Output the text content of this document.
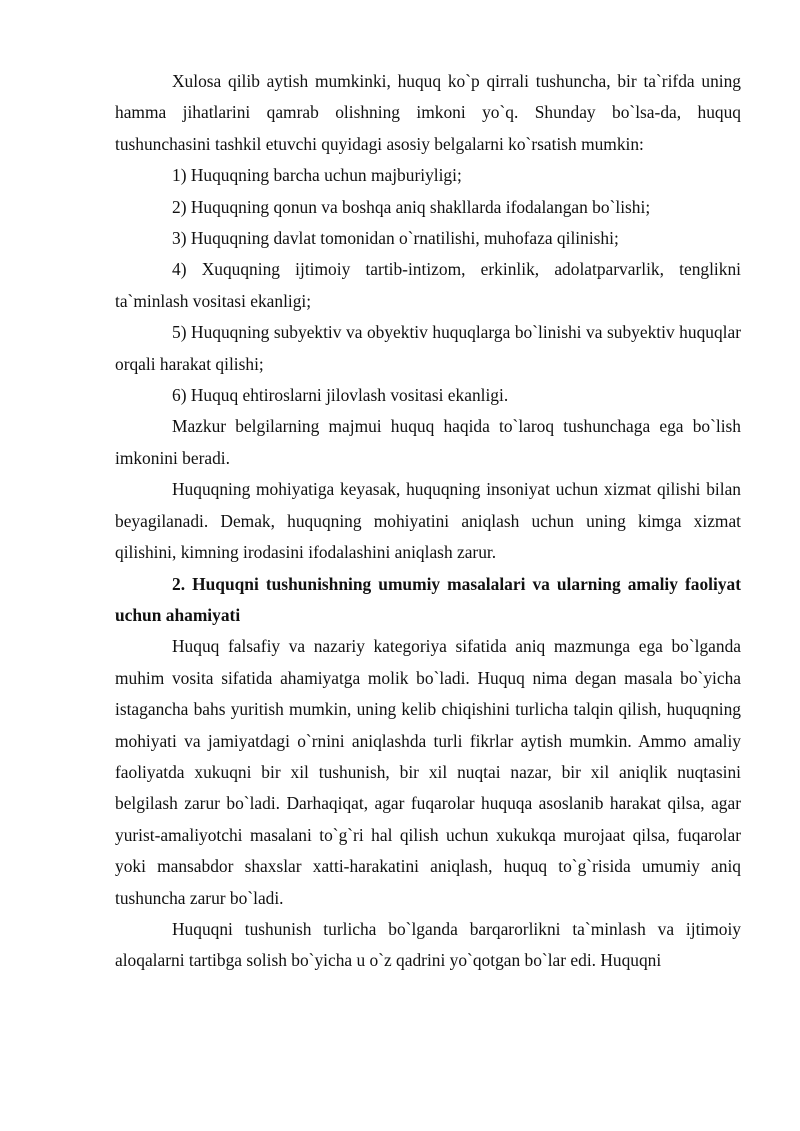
Xulosa qilib aytish mumkinki, huquq ko`p qirrali tushuncha, bir ta`rifda uning hamma jihatlarini qamrab olishning imkoni yo`q. Shunday bo`lsa-da, huquq tushunchasini tashkil etuvchi quyidagi asosiy belgalarni ko`rsatish mumkin:

1) Huquqning barcha uchun majburiyligi;

2) Huquqning qonun va boshqa aniq shakllarda ifodalangan bo`lishi;

3) Huquqning davlat tomonidan o`rnatilishi, muhofaza qilinishi;

4) Xuquqning ijtimoiy tartib-intizom, erkinlik, adolatparvarlik, tenglikni ta`minlash vositasi ekanligi;

5) Huquqning subyektiv va obyektiv huquqlarga bo`linishi va subyektiv huquqlar orqali harakat qilishi;

6) Huquq ehtiroslarni jilovlash vositasi ekanligi.

Mazkur belgilarning majmui huquq haqida to`laroq tushunchaga ega bo`lish imkonini beradi.

Huquqning mohiyatiga keyasak, huquqning insoniyat uchun xizmat qilishi bilan beyagilanadi. Demak, huquqning mohiyatini aniqlash uchun uning kimga xizmat qilishini, kimning irodasini ifodalashini aniqlash zarur.

2. Huquqni tushunishning umumiy masalalari va ularning amaliy faoliyat uchun ahamiyati

Huquq falsafiy va nazariy kategoriya sifatida aniq mazmunga ega bo`lganda muhim vosita sifatida ahamiyatga molik bo`ladi. Huquq nima degan masala bo`yicha istagancha bahs yuritish mumkin, uning kelib chiqishini turlicha talqin qilish, huquqning mohiyati va jamiyatdagi o`rnini aniqlashda turli fikrlar aytish mumkin. Ammo amaliy faoliyatda xukuqni bir xil tushunish, bir xil nuqtai nazar, bir xil aniqlik nuqtasini belgilash zarur bo`ladi. Darhaqiqat, agar fuqarolar huquqa asoslanib harakat qilsa, agar yurist-amaliyotchi masalani to`g`ri hal qilish uchun xukukqa murojaat qilsa, fuqarolar yoki mansabdor shaxslar xatti-harakatini aniqlash, huquq to`g`risida umumiy aniq tushuncha zarur bo`ladi.

Huquqni tushunish turlicha bo`lganda barqarorlikni ta`minlash va ijtimoiy aloqalarni tartibga solish bo`yicha u o`z qadrini yo`qotgan bo`lar edi. Huquqni
